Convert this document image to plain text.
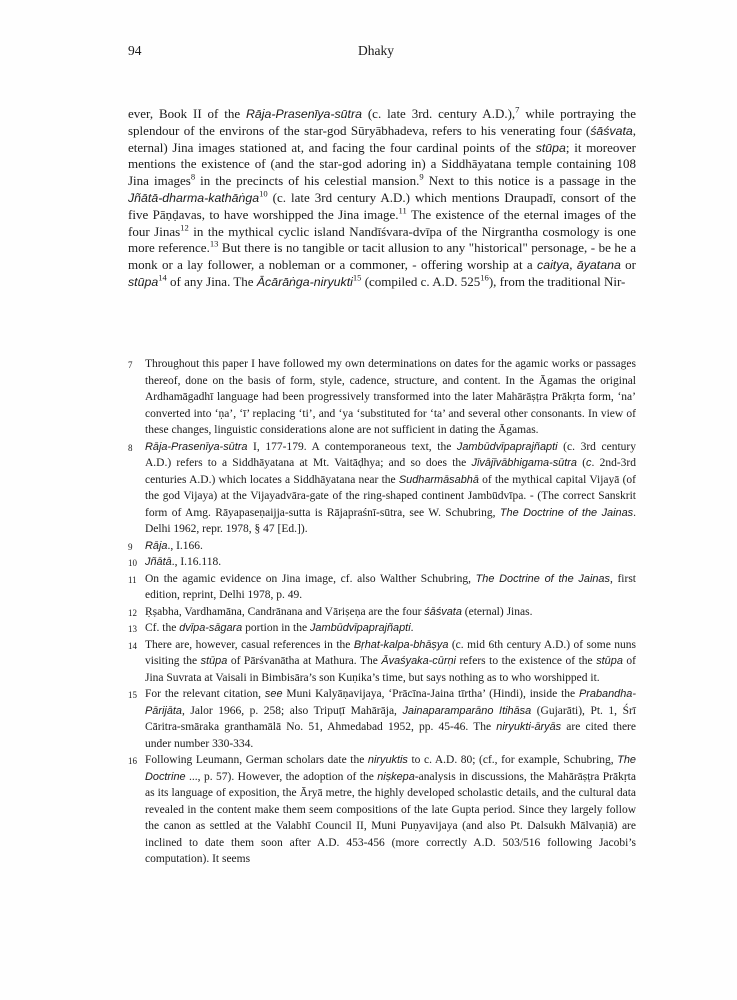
94	Dhaky
ever, Book II of the Rāja-Prasenīya-sūtra (c. late 3rd. century A.D.),$^7$ while portraying the splendour of the environs of the star-god Sūryābhadeva, refers to his venerating four (śāśvata, eternal) Jina images stationed at, and facing the four cardinal points of the stūpa; it moreover mentions the existence of (and the star-god adoring in) a Siddhāyatana temple containing 108 Jina images$^8$ in the precincts of his celestial mansion.$^9$ Next to this notice is a passage in the Jñātā-dharma-kathāṅga$^{10}$ (c. late 3rd century A.D.) which mentions Draupadī, consort of the five Pāṇḍavas, to have worshipped the Jina image.$^{11}$ The existence of the eternal images of the four Jinas$^{12}$ in the mythical cyclic island Nandīśvara-dvīpa of the Nirgrantha cosmology is one more reference.$^{13}$ But there is no tangible or tacit allusion to any "historical" personage, - be he a monk or a lay follower, a nobleman or a commoner, - offering worship at a caitya, āyatana or stūpa$^{14}$ of any Jina. The Ācārāṅga-niryukti$^{15}$ (compiled c. A.D. 525$^{16}$), from the traditional Nir-
7 Throughout this paper I have followed my own determinations on dates for the agamic works or passages thereof, done on the basis of form, style, cadence, structure, and content. In the Āgamas the original Ardhamāgadhī language had been progressively transformed into the later Mahārāṣṭra Prākṛta form, ‘na’ converted into ‘ṇa’, ‘ī’ replacing ‘ti’, and ‘ya ‘substituted for ‘ta’ and several other consonants. In view of these changes, linguistic considerations alone are not sufficient in dating the Āgamas.
8 Rāja-Prasenīya-sūtra I, 177-179. A contemporaneous text, the Jambūdvīpaprajñapti (c. 3rd century A.D.) refers to a Siddhāyatana at Mt. Vaitāḍhya; and so does the Jīvājīvābhigama-sūtra (c. 2nd-3rd centuries A.D.) which locates a Siddhāyatana near the Sudharmāsabhā of the mythical capital Vijayā (of the god Vijaya) at the Vijayadvāra-gate of the ring-shaped continent Jambūdvīpa. - (The correct Sanskrit form of Amg. Rāyapaseṇaijja-sutta is Rājapraśnī-sūtra, see W. Schubring, The Doctrine of the Jainas. Delhi 1962, repr. 1978, § 47 [Ed.]).
9 Rāja., I.166.
10 Jñātā., I.16.118.
11 On the agamic evidence on Jina image, cf. also Walther Schubring, The Doctrine of the Jainas, first edition, reprint, Delhi 1978, p. 49.
12 Ṛṣabha, Vardhamāna, Candrānana and Vāriṣeṇa are the four śāśvata (eternal) Jinas.
13 Cf. the dvīpa-sāgara portion in the Jambūdvīpaprajñapti.
14 There are, however, casual references in the Bṛhat-kalpa-bhāṣya (c. mid 6th century A.D.) of some nuns visiting the stūpa of Pārśvanātha at Mathura. The Āvaśyaka-cūrṇi refers to the existence of the stūpa of Jina Suvrata at Vaisali in Bimbisāra’s son Kuṇika’s time, but says nothing as to who worshipped it.
15 For the relevant citation, see Muni Kalyāṇavijaya, ‘Prācīna-Jaina tīrtha’ (Hindi), inside the Prabandha-Pārijāta, Jalor 1966, p. 258; also Tripuṭī Mahārāja, Jainaparamparāno Itihāsa (Gujarāti), Pt. 1, Śrī Cāritra-smāraka granthamālā No. 51, Ahmedabad 1952, pp. 45-46. The niryukti-āryās are cited there under number 330-334.
16 Following Leumann, German scholars date the niryuktis to c. A.D. 80; (cf., for example, Schubring, The Doctrine ..., p. 57). However, the adoption of the niṣkepa-analysis in discussions, the Mahārāṣṭra Prākṛta as its language of exposition, the Āryā metre, the highly developed scholastic details, and the cultural data revealed in the content make them seem compositions of the late Gupta period. Since they largely follow the canon as settled at the Valabhī Council II, Muni Puṇyavijaya (and also Pt. Dalsukh Mālvaṇiā) are inclined to date them soon after A.D. 453-456 (more correctly A.D. 503/516 following Jacobi’s computation). It seems
